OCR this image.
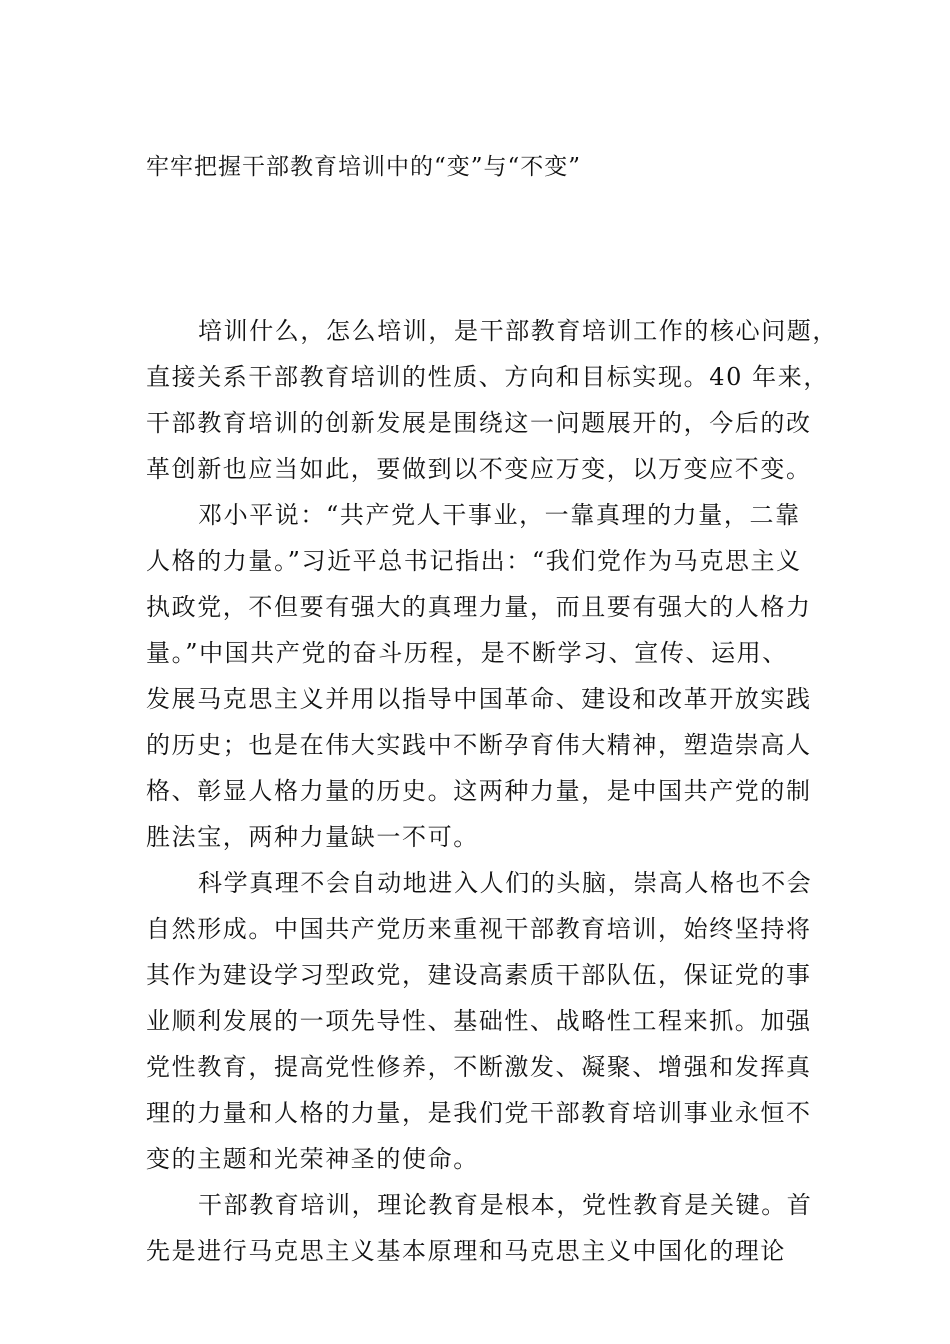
牢牢把握干部教育培训中的“变”与“不变”
培训什么，怎么培训，是干部教育培训工作的核心问题，
直接关系干部教育培训的性质、方向和目标实现。40 年来，
干部教育培训的创新发展是围绕这一问题展开的，今后的改
革创新也应当如此，要做到以不变应万变，以万变应不变。
邓小平说：“共产党人干事业，一靠真理的力量，二靠
人格的力量。”习近平总书记指出：“我们党作为马克思主义
执政党，不但要有强大的真理力量，而且要有强大的人格力
量。”中国共产党的奋斗历程，是不断学习、宣传、运用、
发展马克思主义并用以指导中国革命、建设和改革开放实践
的历史；也是在伟大实践中不断孕育伟大精神，塑造崇高人
格、彰显人格力量的历史。这两种力量，是中国共产党的制
胜法宝，两种力量缺一不可。
科学真理不会自动地进入人们的头脑，崇高人格也不会
自然形成。中国共产党历来重视干部教育培训，始终坚持将
其作为建设学习型政党，建设高素质干部队伍，保证党的事
业顺利发展的一项先导性、基础性、战略性工程来抓。加强
党性教育，提高党性修养，不断激发、凝聚、增强和发挥真
理的力量和人格的力量，是我们党干部教育培训事业永恒不
变的主题和光荣神圣的使命。
干部教育培训，理论教育是根本，党性教育是关键。首
先是进行马克思主义基本原理和马克思主义中国化的理论
